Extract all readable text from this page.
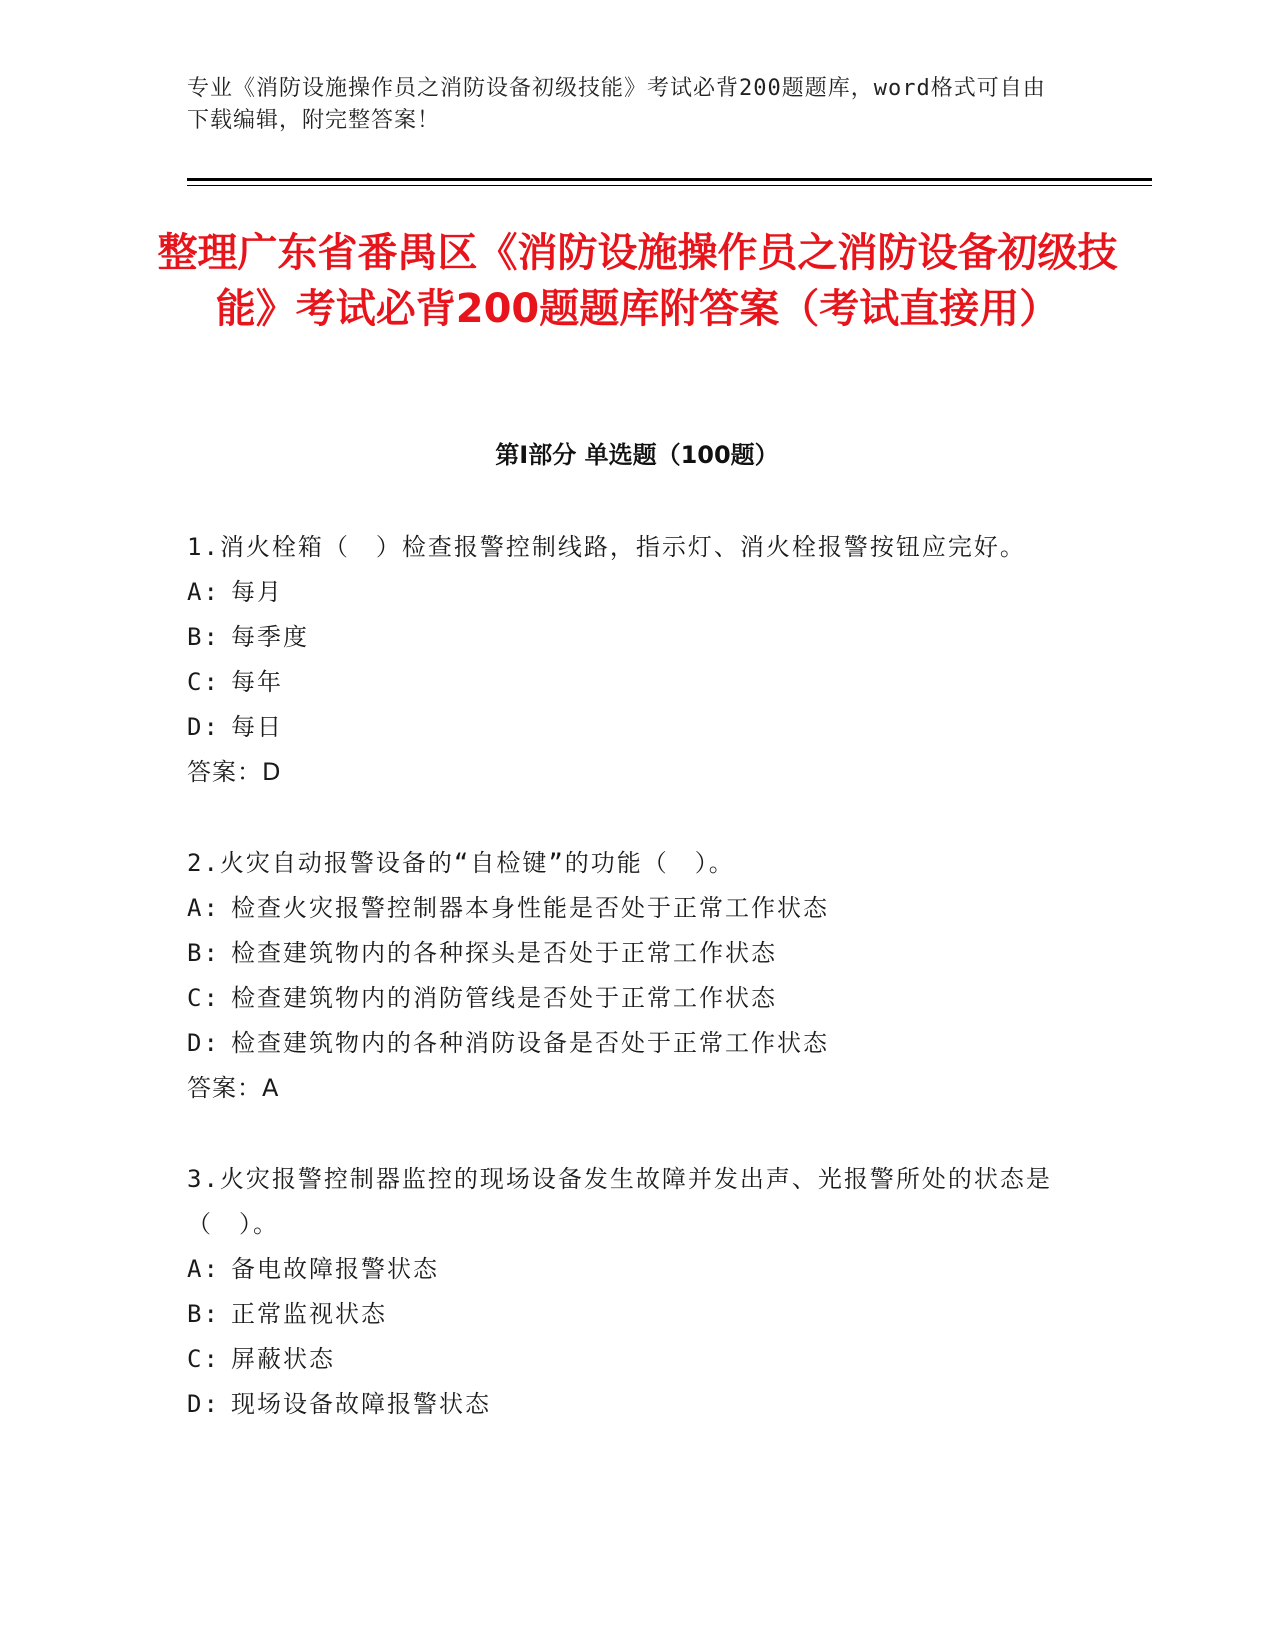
专业《消防设施操作员之消防设备初级技能》考试必背200题题库，word格式可自由下载编辑，附完整答案！

整理广东省番禺区《消防设施操作员之消防设备初级技能》考试必背200题题库附答案（考试直接用）
第Ⅰ部分 单选题（100题）

1.消火栓箱（　）检查报警控制线路，指示灯、消火栓报警按钮应完好。

A: 每月

B: 每季度

C: 每年

D: 每日

答案：D

2.火灾自动报警设备的“自检键”的功能（　）。

A: 检查火灾报警控制器本身性能是否处于正常工作状态

B: 检查建筑物内的各种探头是否处于正常工作状态

C: 检查建筑物内的消防管线是否处于正常工作状态

D: 检查建筑物内的各种消防设备是否处于正常工作状态

答案：A

3.火灾报警控制器监控的现场设备发生故障并发出声、光报警所处的状态是（　）。

A: 备电故障报警状态

B: 正常监视状态

C: 屏蔽状态

D: 现场设备故障报警状态
